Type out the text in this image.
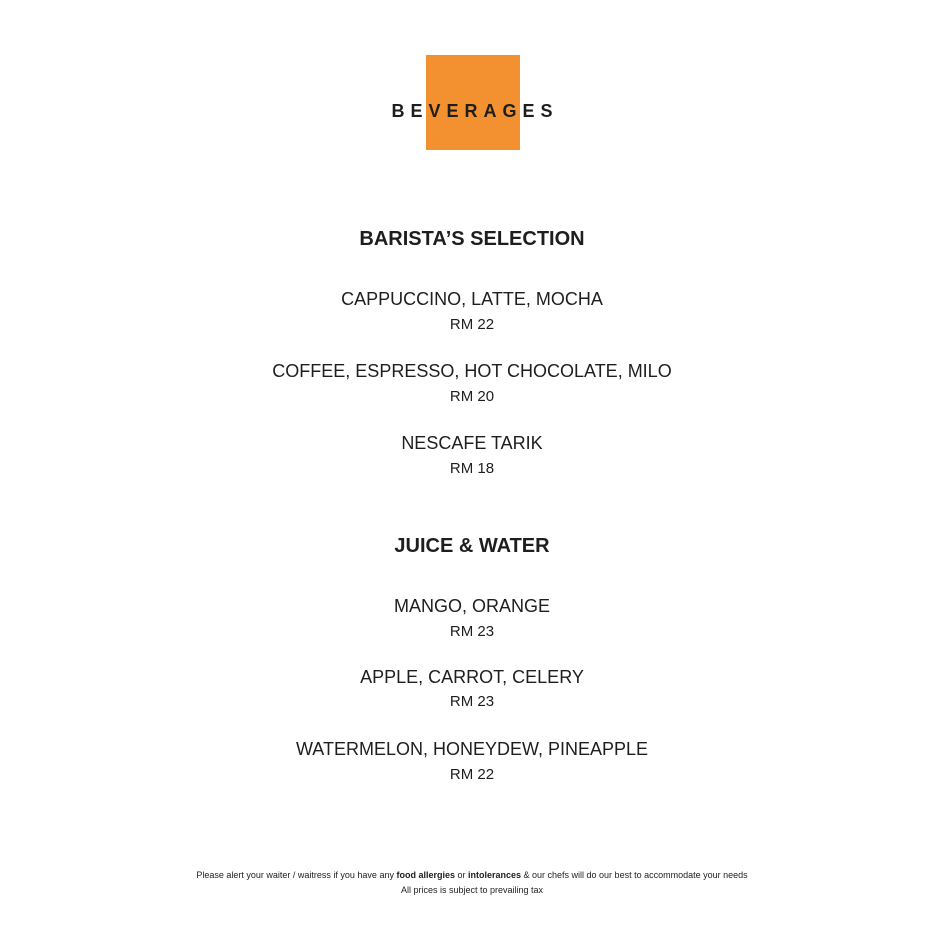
BEVERAGES
BARISTA’S SELECTION
CAPPUCCINO, LATTE, MOCHA
RM 22
COFFEE, ESPRESSO, HOT CHOCOLATE, MILO
RM 20
NESCAFE TARIK
RM 18
JUICE & WATER
MANGO, ORANGE
RM 23
APPLE, CARROT, CELERY
RM 23
WATERMELON, HONEYDEW, PINEAPPLE
RM 22
Please alert your waiter / waitress if you have any food allergies or intolerances & our chefs will do our best to accommodate your needs
All prices is subject to prevailing tax
